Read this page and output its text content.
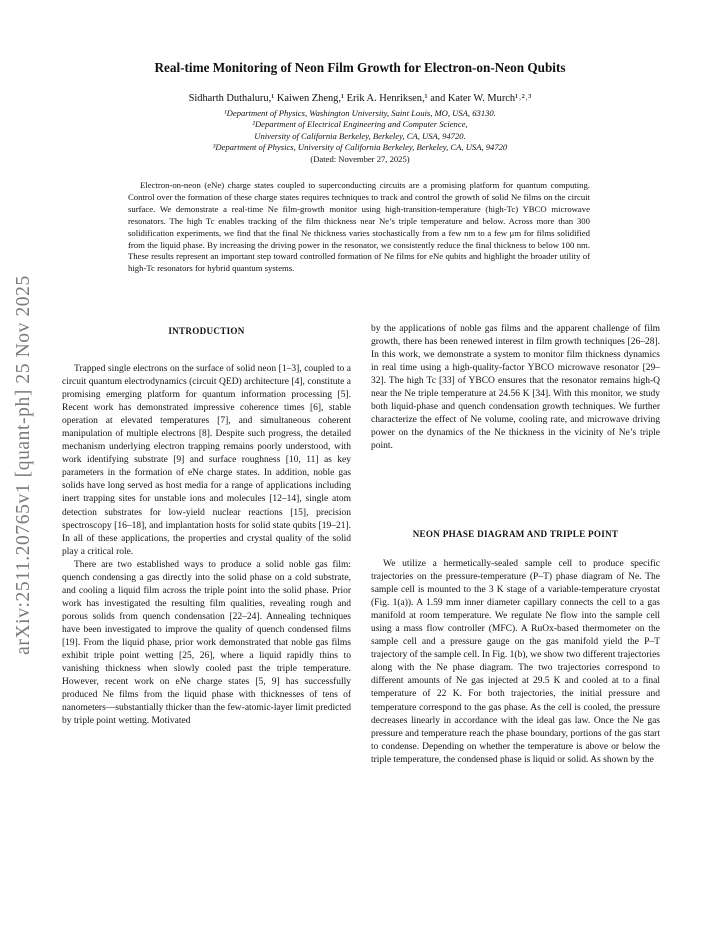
arXiv:2511.20765v1 [quant-ph] 25 Nov 2025
Real-time Monitoring of Neon Film Growth for Electron-on-Neon Qubits
Sidharth Duthaluru,¹ Kaiwen Zheng,¹ Erik A. Henriksen,¹ and Kater W. Murch¹˒²˒³
¹Department of Physics, Washington University, Saint Louis, MO, USA, 63130.
²Department of Electrical Engineering and Computer Science,
University of California Berkeley, Berkeley, CA, USA, 94720.
³Department of Physics, University of California Berkeley, Berkeley, CA, USA, 94720
(Dated: November 27, 2025)
Electron-on-neon (eNe) charge states coupled to superconducting circuits are a promising platform for quantum computing. Control over the formation of these charge states requires techniques to track and control the growth of solid Ne films on the circuit surface. We demonstrate a real-time Ne film-growth monitor using high-transition-temperature (high-Tc) YBCO microwave resonators. The high Tc enables tracking of the film thickness near Ne’s triple temperature and below. Across more than 300 solidification experiments, we find that the final Ne thickness varies stochastically from a few nm to a few μm for films solidified from the liquid phase. By increasing the driving power in the resonator, we consistently reduce the final thickness to below 100 nm. These results represent an important step toward controlled formation of Ne films for eNe qubits and highlight the broader utility of high-Tc resonators for hybrid quantum systems.
INTRODUCTION

Trapped single electrons on the surface of solid neon [1–3], coupled to a circuit quantum electrodynamics (circuit QED) architecture [4], constitute a promising emerging platform for quantum information processing [5]. Recent work has demonstrated impressive coherence times [6], stable operation at elevated temperatures [7], and simultaneous coherent manipulation of multiple electrons [8]. Despite such progress, the detailed mechanism underlying electron trapping remains poorly understood, with work identifying substrate [9] and surface roughness [10, 11] as key parameters in the formation of eNe charge states. In addition, noble gas solids have long served as host media for a range of applications including inert trapping sites for unstable ions and molecules [12–14], single atom detection substrates for low-yield nuclear reactions [15], precision spectroscopy [16–18], and implantation hosts for solid state qubits [19–21]. In all of these applications, the properties and crystal quality of the solid play a critical role.

There are two established ways to produce a solid noble gas film: quench condensing a gas directly into the solid phase on a cold substrate, and cooling a liquid film across the triple point into the solid phase. Prior work has investigated the resulting film qualities, revealing rough and porous solids from quench condensation [22–24]. Annealing techniques have been investigated to improve the quality of quench condensed films [19]. From the liquid phase, prior work demonstrated that noble gas films exhibit triple point wetting [25, 26], where a liquid rapidly thins to vanishing thickness when slowly cooled past the triple temperature. However, recent work on eNe charge states [5, 9] has successfully produced Ne films from the liquid phase with thicknesses of tens of nanometers—substantially thicker than the few-atomic-layer limit predicted by triple point wetting. Motivated

by the applications of noble gas films and the apparent challenge of film growth, there has been renewed interest in film growth techniques [26–28]. In this work, we demonstrate a system to monitor film thickness dynamics in real time using a high-quality-factor YBCO microwave resonator [29–32]. The high Tc [33] of YBCO ensures that the resonator remains high-Q near the Ne triple temperature at 24.56 K [34]. With this monitor, we study both liquid-phase and quench condensation growth techniques. We further characterize the effect of Ne volume, cooling rate, and microwave driving power on the dynamics of the Ne thickness in the vicinity of Ne’s triple point.

NEON PHASE DIAGRAM AND TRIPLE POINT

We utilize a hermetically-sealed sample cell to produce specific trajectories on the pressure-temperature (P–T) phase diagram of Ne. The sample cell is mounted to the 3 K stage of a variable-temperature cryostat (Fig. 1(a)). A 1.59 mm inner diameter capillary connects the cell to a gas manifold at room temperature. We regulate Ne flow into the sample cell using a mass flow controller (MFC). A RuOx-based thermometer on the sample cell and a pressure gauge on the gas manifold yield the P–T trajectory of the sample cell. In Fig. 1(b), we show two different trajectories along with the Ne phase diagram. The two trajectories correspond to different amounts of Ne gas injected at 29.5 K and cooled at to a final temperature of 22 K. For both trajectories, the initial pressure and temperature correspond to the gas phase. As the cell is cooled, the pressure decreases linearly in accordance with the ideal gas law. Once the Ne gas pressure and temperature reach the phase boundary, portions of the gas start to condense. Depending on whether the temperature is above or below the triple temperature, the condensed phase is liquid or solid. As shown by the
